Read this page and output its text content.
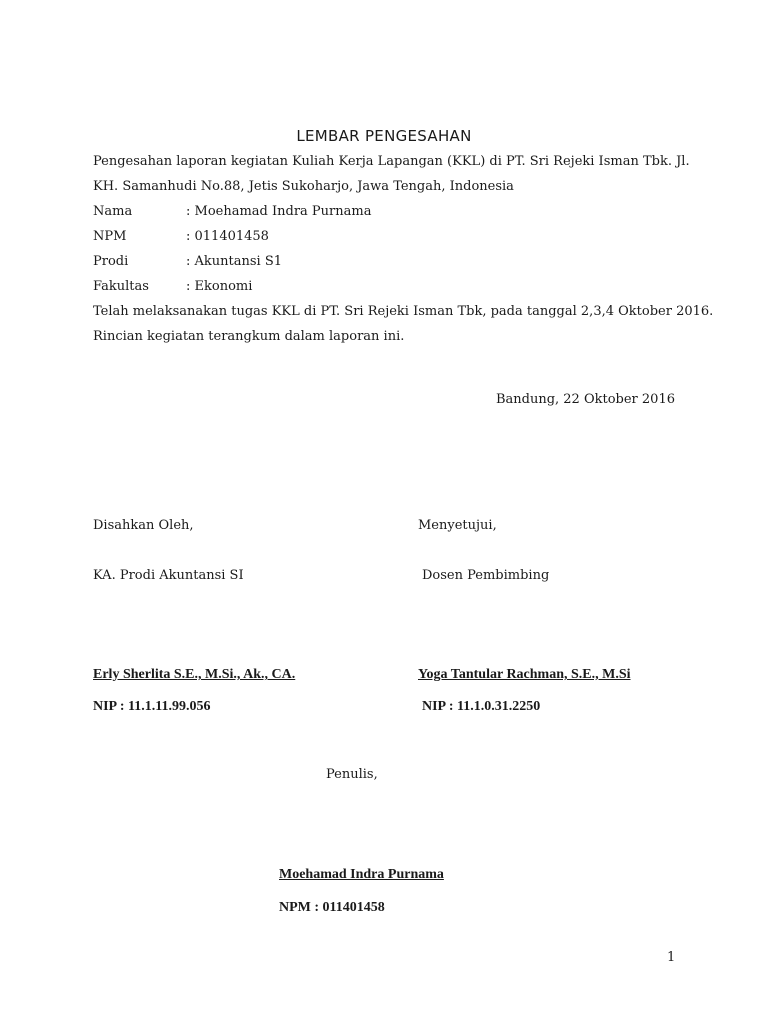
LEMBAR PENGESAHAN
Pengesahan laporan kegiatan Kuliah Kerja Lapangan (KKL) di PT. Sri Rejeki Isman Tbk. Jl.
KH. Samanhudi No.88, Jetis Sukoharjo, Jawa Tengah, Indonesia
Nama	: Moehamad Indra Purnama
NPM	: 011401458
Prodi	: Akuntansi S1
Fakultas	: Ekonomi
Telah melaksanakan tugas KKL di PT. Sri Rejeki Isman Tbk, pada tanggal 2,3,4 Oktober 2016.
Rincian kegiatan terangkum dalam laporan ini.
Bandung, 22 Oktober 2016
Disahkan Oleh,	Menyetujui,
KA. Prodi Akuntansi SI	Dosen Pembimbing
Erly Sherlita S.E., M.Si., Ak., CA.	Yoga Tantular Rachman, S.E., M.Si
NIP : 11.1.11.99.056	NIP : 11.1.0.31.2250
Penulis,
Moehamad Indra Purnama
NPM : 011401458
1
